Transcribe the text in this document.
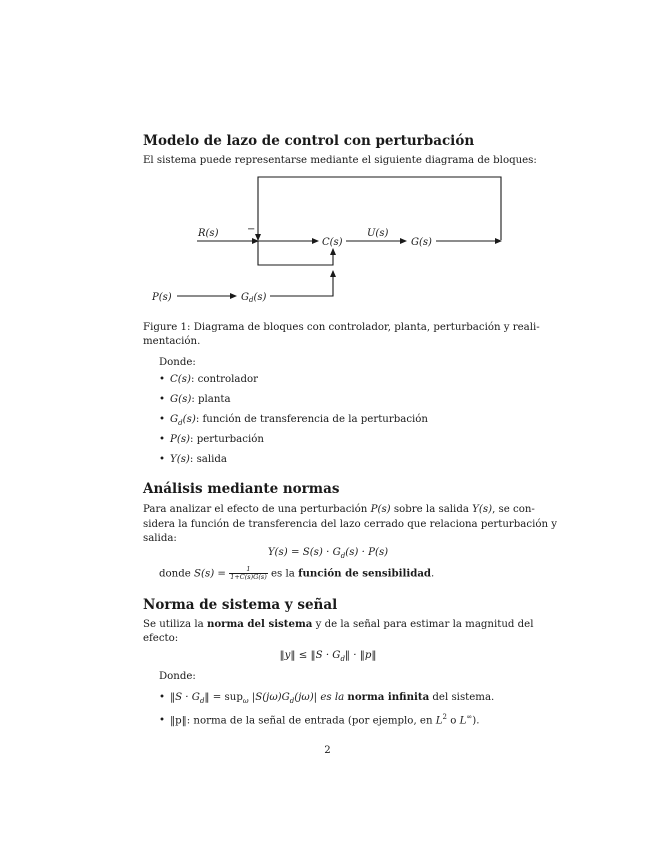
Modelo de lazo de control con perturbación
El sistema puede representarse mediante el siguiente diagrama de bloques:
R(s)	−
C(s)
U(s)
G(s)
P(s)	$G_d(s)$
Figure 1: Diagrama de bloques con controlador, planta, perturbación y reali-
mentación.
Donde:
• C(s): controlador
• G(s): planta
• $G_d(s)$: función de transferencia de la perturbación
• P(s): perturbación
• Y(s): salida
Análisis mediante normas
Para analizar el efecto de una perturbación P(s) sobre la salida Y(s), se con-
sidera la función de transferencia del lazo cerrado que relaciona perturbación y
salida:
$Y(s) = S(s) \cdot G_d(s) \cdot P(s)$
donde $S(s) = \frac{1}{1+C(s)G(s)}$ es la función de sensibilidad.
Norma de sistema y señal
Se utiliza la norma del sistema y de la señal para estimar la magnitud del
efecto:
‖y‖ ≤ ‖S · $G_d‖$ · ‖p‖
Donde:
• ‖S · $G_d‖ = sup_\omega$ $|S(j\omega)G_d(j\omega)|$ es la norma infinita del sistema.
• ‖p‖: norma de la señal de entrada (por ejemplo, en $L^2$ o L∞).
2
